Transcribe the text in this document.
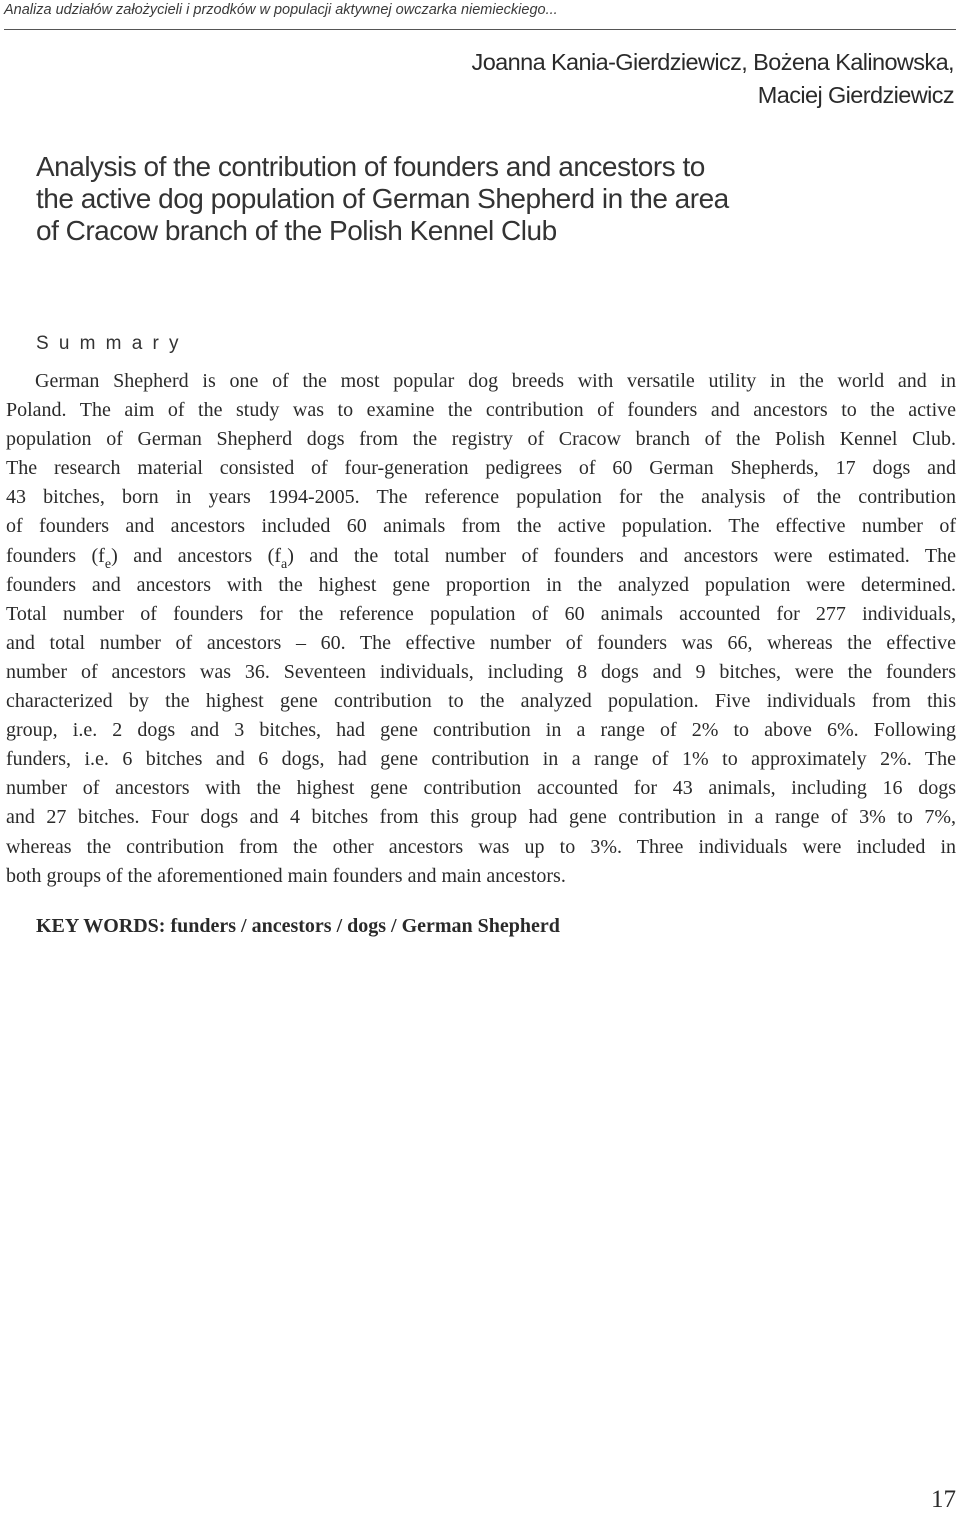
Analiza udziałów założycieli i przodków w populacji aktywnej owczarka niemieckiego...
Joanna Kania-Gierdziewicz, Bożena Kalinowska,
Maciej Gierdziewicz
Analysis of the contribution of founders and ancestors to
the active dog population of German Shepherd in the area
of Cracow branch of the Polish Kennel Club
Summary
German Shepherd is one of the most popular dog breeds with versatile utility in the world and in
Poland. The aim of the study was to examine the contribution of founders and ancestors to the active
population of German Shepherd dogs from the registry of Cracow branch of the Polish Kennel Club.
The research material consisted of four-generation pedigrees of 60 German Shepherds, 17 dogs and
43 bitches, born in years 1994-2005. The reference population for the analysis of the contribution
of founders and ancestors included 60 animals from the active population. The effective number of
founders $(f_e)$ and ancestors $(f_a)$ and the total number of founders and ancestors were estimated. The
founders and ancestors with the highest gene proportion in the analyzed population were determined.
Total number of founders for the reference population of 60 animals accounted for 277 individuals,
and total number of ancestors – 60. The effective number of founders was 66, whereas the effective
number of ancestors was 36. Seventeen individuals, including 8 dogs and 9 bitches, were the founders
characterized by the highest gene contribution to the analyzed population. Five individuals from this
group, i.e. 2 dogs and 3 bitches, had gene contribution in a range of 2% to above 6%. Following
funders, i.e. 6 bitches and 6 dogs, had gene contribution in a range of 1% to approximately 2%. The
number of ancestors with the highest gene contribution accounted for 43 animals, including 16 dogs
and 27 bitches. Four dogs and 4 bitches from this group had gene contribution in a range of 3% to 7%,
whereas the contribution from the other ancestors was up to 3%. Three individuals were included in
both groups of the aforementioned main founders and main ancestors.
KEY WORDS: funders / ancestors / dogs / German Shepherd
17
